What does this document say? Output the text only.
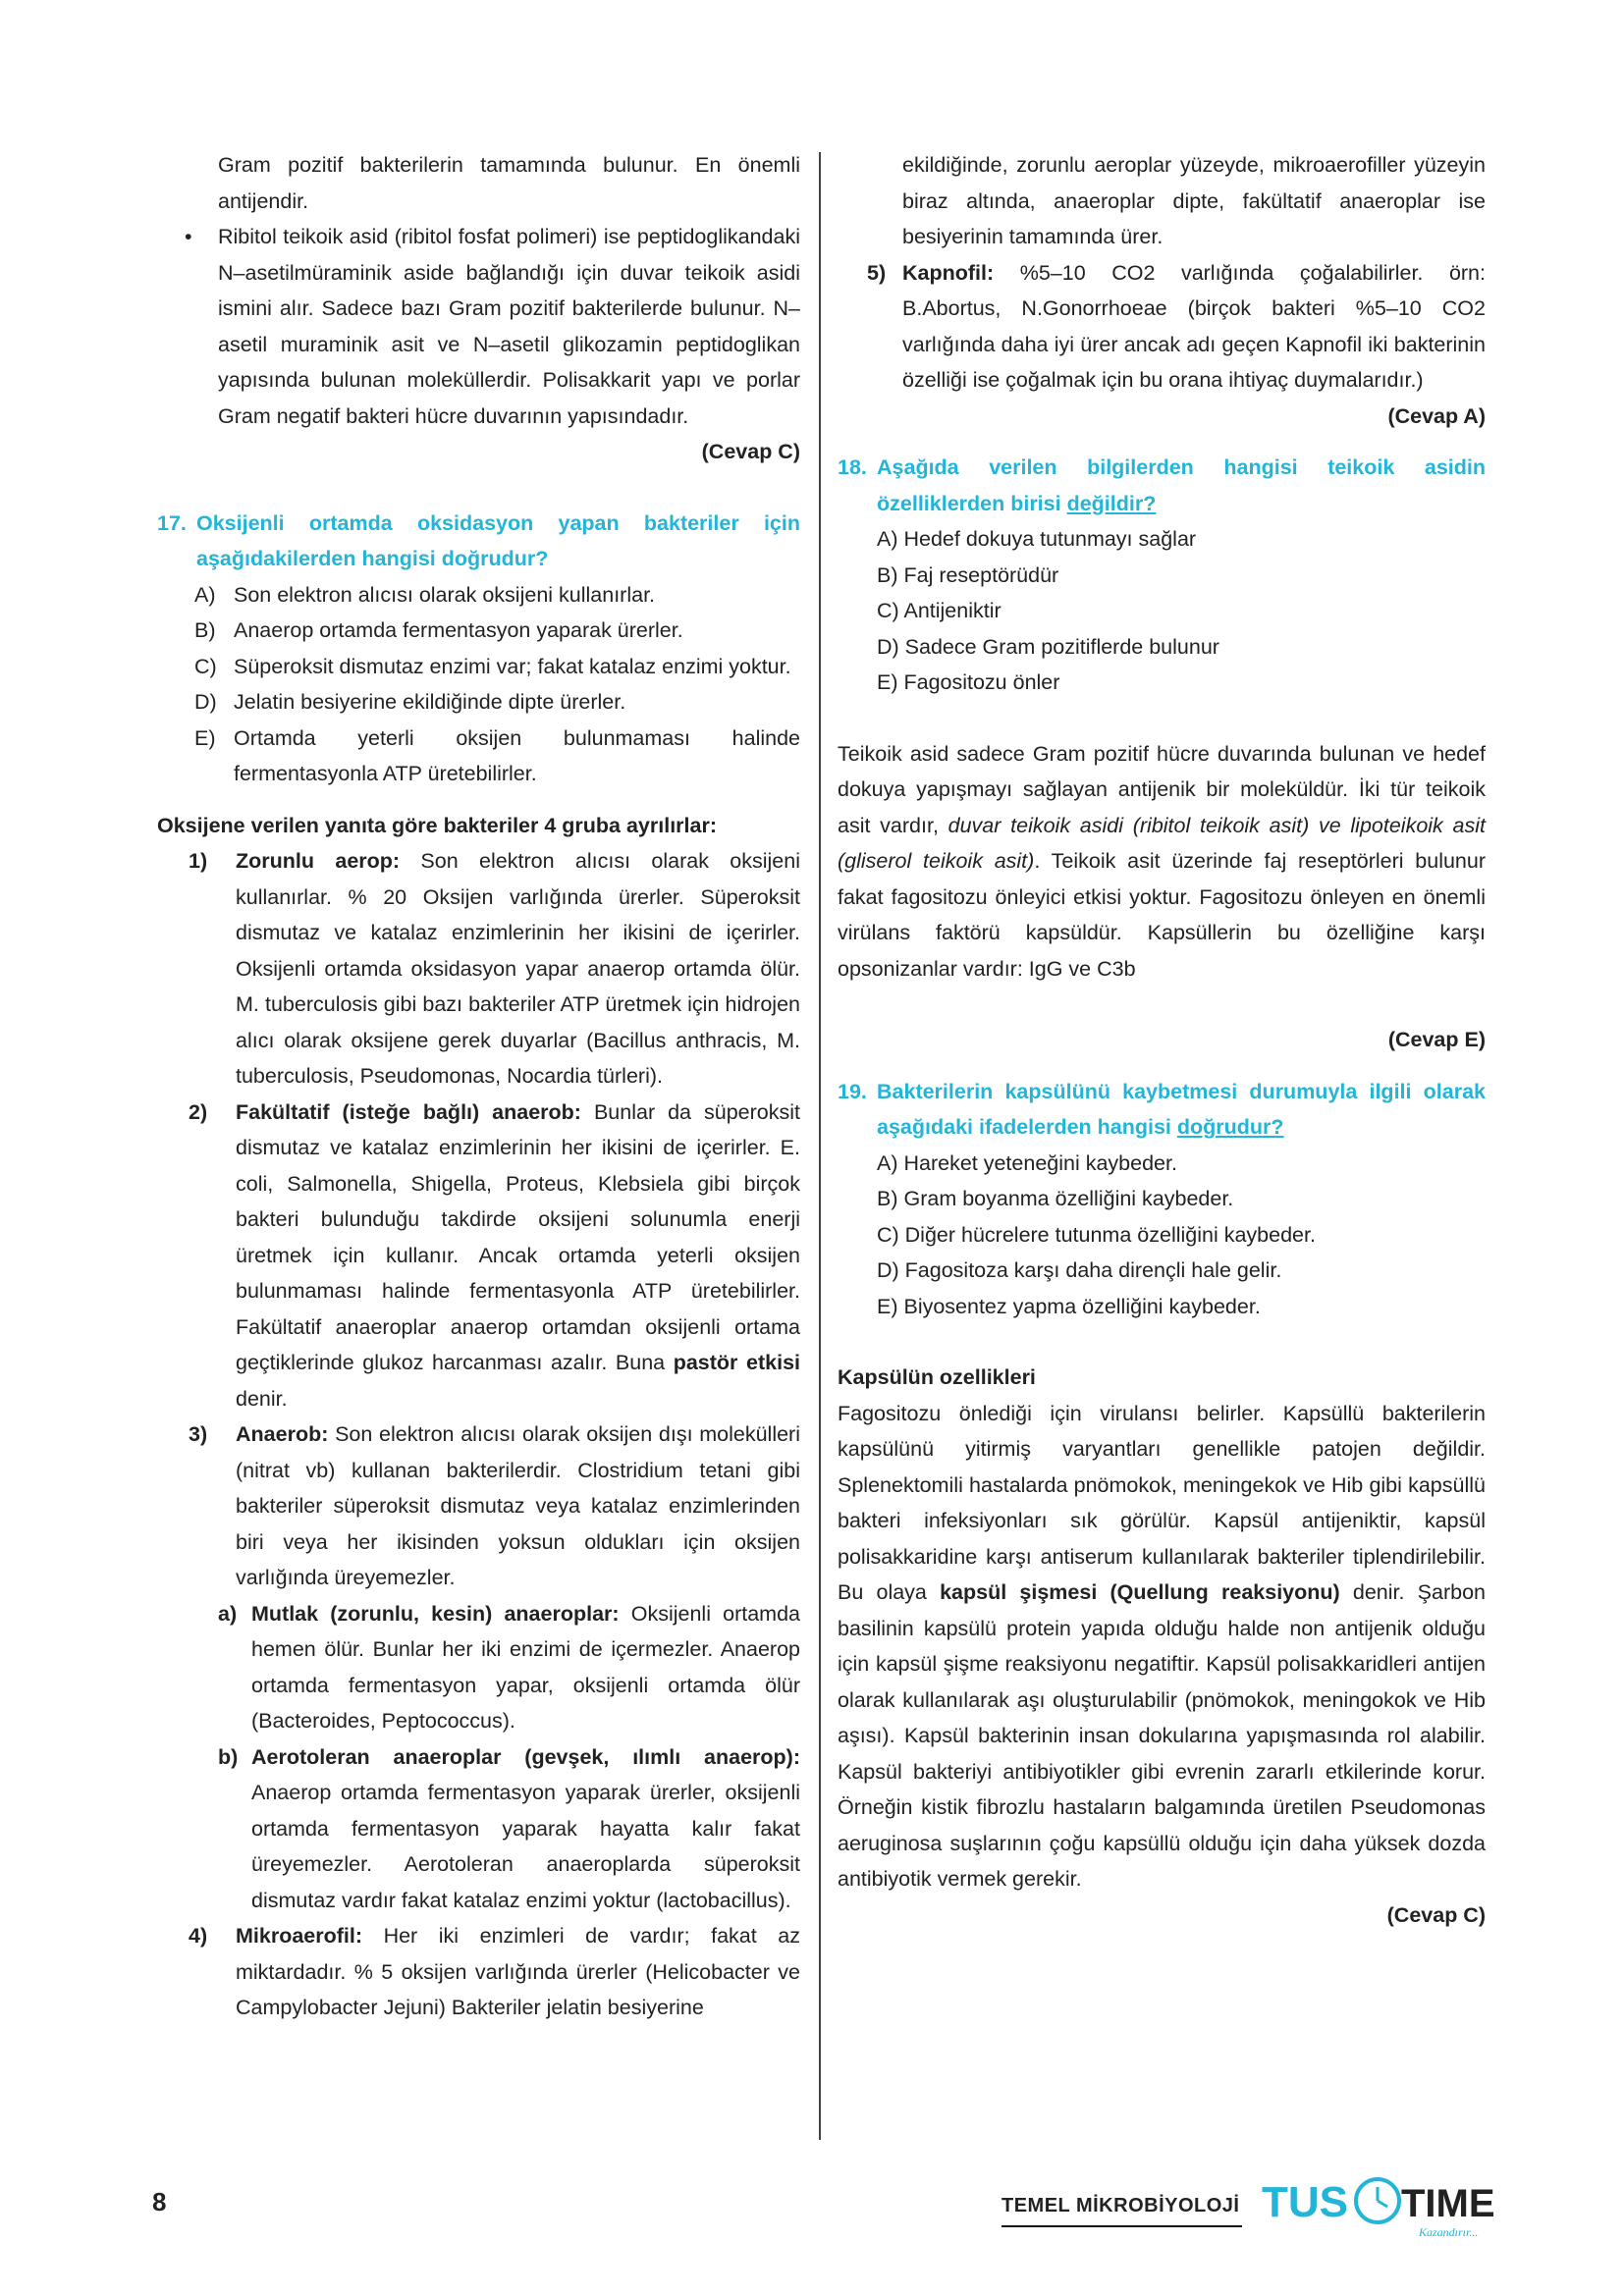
Gram pozitif bakterilerin tamamında bulunur. En önemli antijendir.

• Ribitol teikoik asid (ribitol fosfat polimeri) ise peptidoglikandaki N–asetilmüraminik aside bağlandığı için duvar teikoik asidi ismini alır. Sadece bazı Gram pozitif bakterilerde bulunur. N–asetil muraminik asit ve N–asetil glikozamin peptidoglikan yapısında bulunan moleküllerdir. Polisakkarit yapı ve porlar Gram negatif bakteri hücre duvarının yapısındadır.

(Cevap C)

17. Oksijenli ortamda oksidasyon yapan bakteriler için aşağıdakilerden hangisi doğrudur?

A) Son elektron alıcısı olarak oksijeni kullanırlar.

B) Anaerop ortamda fermentasyon yaparak ürerler.

C) Süperoksit dismutaz enzimi var; fakat katalaz enzimi yoktur.

D) Jelatin besiyerine ekildiğinde dipte ürerler.

E) Ortamda yeterli oksijen bulunmaması halinde fermentasyonla ATP üretebilirler.

Oksijene verilen yanıta göre bakteriler 4 gruba ayrılırlar:

1) Zorunlu aerop: Son elektron alıcısı olarak oksijeni kullanırlar. % 20 Oksijen varlığında ürerler. Süperoksit dismutaz ve katalaz enzimlerinin her ikisini de içerirler. Oksijenli ortamda oksidasyon yapar anaerop ortamda ölür. M. tuberculosis gibi bazı bakteriler ATP üretmek için hidrojen alıcı olarak oksijene gerek duyarlar (Bacillus anthracis, M. tuberculosis, Pseudomonas, Nocardia türleri).

2) Fakültatif (isteğe bağlı) anaerob: Bunlar da süperoksit dismutaz ve katalaz enzimlerinin her ikisini de içerirler. E. coli, Salmonella, Shigella, Proteus, Klebsiela gibi birçok bakteri bulunduğu takdirde oksijeni solunumla enerji üretmek için kullanır. Ancak ortamda yeterli oksijen bulunmaması halinde fermentasyonla ATP üretebilirler. Fakültatif anaeroplar anaerop ortamdan oksijenli ortama geçtiklerinde glukoz harcanması azalır. Buna pastör etkisi denir.

3) Anaerob: Son elektron alıcısı olarak oksijen dışı molekülleri (nitrat vb) kullanan bakterilerdir. Clostridium tetani gibi bakteriler süperoksit dismutaz veya katalaz enzimlerinden biri veya her ikisinden yoksun oldukları için oksijen varlığında üreyemezler.

a) Mutlak (zorunlu, kesin) anaeroplar: Oksijenli ortamda hemen ölür. Bunlar her iki enzimi de içermezler. Anaerop ortamda fermentasyon yapar, oksijenli ortamda ölür (Bacteroides, Peptococcus).

b) Aerotoleran anaeroplar (gevşek, ılımlı anaerop): Anaerop ortamda fermentasyon yaparak ürerler, oksijenli ortamda fermentasyon yaparak hayatta kalır fakat üreyemezler. Aerotoleran anaeroplarda süperoksit dismutaz vardır fakat katalaz enzimi yoktur (lactobacillus).

4) Mikroaerofil: Her iki enzimleri de vardır; fakat az miktardadır. % 5 oksijen varlığında ürerler (Helicobacter ve Campylobacter Jejuni) Bakteriler jelatin besiyerine

ekildiğinde, zorunlu aeroplar yüzeyde, mikroaerofiller yüzeyin biraz altında, anaeroplar dipte, fakültatif anaeroplar ise besiyerinin tamamında ürer.

5) Kapnofil: %5–10 CO2 varlığında çoğalabilirler. örn: B.Abortus, N.Gonorrhoeae (birçok bakteri %5–10 CO2 varlığında daha iyi ürer ancak adı geçen Kapnofil iki bakterinin özelliği ise çoğalmak için bu orana ihtiyaç duymalarıdır.)

(Cevap A)

18. Aşağıda verilen bilgilerden hangisi teikoik asidin özelliklerden birisi değildir?

A) Hedef dokuya tutunmayı sağlar

B) Faj reseptörüdür

C) Antijeniktir

D) Sadece Gram pozitiflerde bulunur

E) Fagositozu önler

Teikoik asid sadece Gram pozitif hücre duvarında bulunan ve hedef dokuya yapışmayı sağlayan antijenik bir moleküldür. İki tür teikoik asit vardır, duvar teikoik asidi (ribitol teikoik asit) ve lipoteikoik asit (gliserol teikoik asit). Teikoik asit üzerinde faj reseptörleri bulunur fakat fagositozu önleyici etkisi yoktur. Fagositozu önleyen en önemli virülans faktörü kapsüldür. Kapsüllerin bu özelliğine karşı opsonizanlar vardır: IgG ve C3b

(Cevap E)

19. Bakterilerin kapsülünü kaybetmesi durumuyla ilgili olarak aşağıdaki ifadelerden hangisi doğrudur?

A) Hareket yeteneğini kaybeder.

B) Gram boyanma özelliğini kaybeder.

C) Diğer hücrelere tutunma özelliğini kaybeder.

D) Fagositoza karşı daha dirençli hale gelir.

E) Biyosentez yapma özelliğini kaybeder.

Kapsülün ozellikleri

Fagositozu önlediği için virulansı belirler. Kapsüllü bakterilerin kapsülünü yitirmiş varyantları genellikle patojen değildir. Splenektomili hastalarda pnömokok, meningekok ve Hib gibi kapsüllü bakteri infeksiyonları sık görülür. Kapsül antijeniktir, kapsül polisakkaridine karşı antiserum kullanılarak bakteriler tiplendirilebilir. Bu olaya kapsül şişmesi (Quellung reaksiyonu) denir. Şarbon basilinin kapsülü protein yapıda olduğu halde non antijenik olduğu için kapsül şişme reaksiyonu negatiftir. Kapsül polisakkaridleri antijen olarak kullanılarak aşı oluşturulabilir (pnömokok, meningokok ve Hib aşısı). Kapsül bakterinin insan dokularına yapışmasında rol alabilir. Kapsül bakteriyi antibiyotikler gibi evrenin zararlı etkilerinde korur. Örneğin kistik fibrozlu hastaların balgamında üretilen Pseudomonas aeruginosa suşlarının çoğu kapsüllü olduğu için daha yüksek dozda antibiyotik vermek gerekir.

(Cevap C)

8	TEMEL MİKROBİYOLOJİ TUS TIME
Kazandırır...
